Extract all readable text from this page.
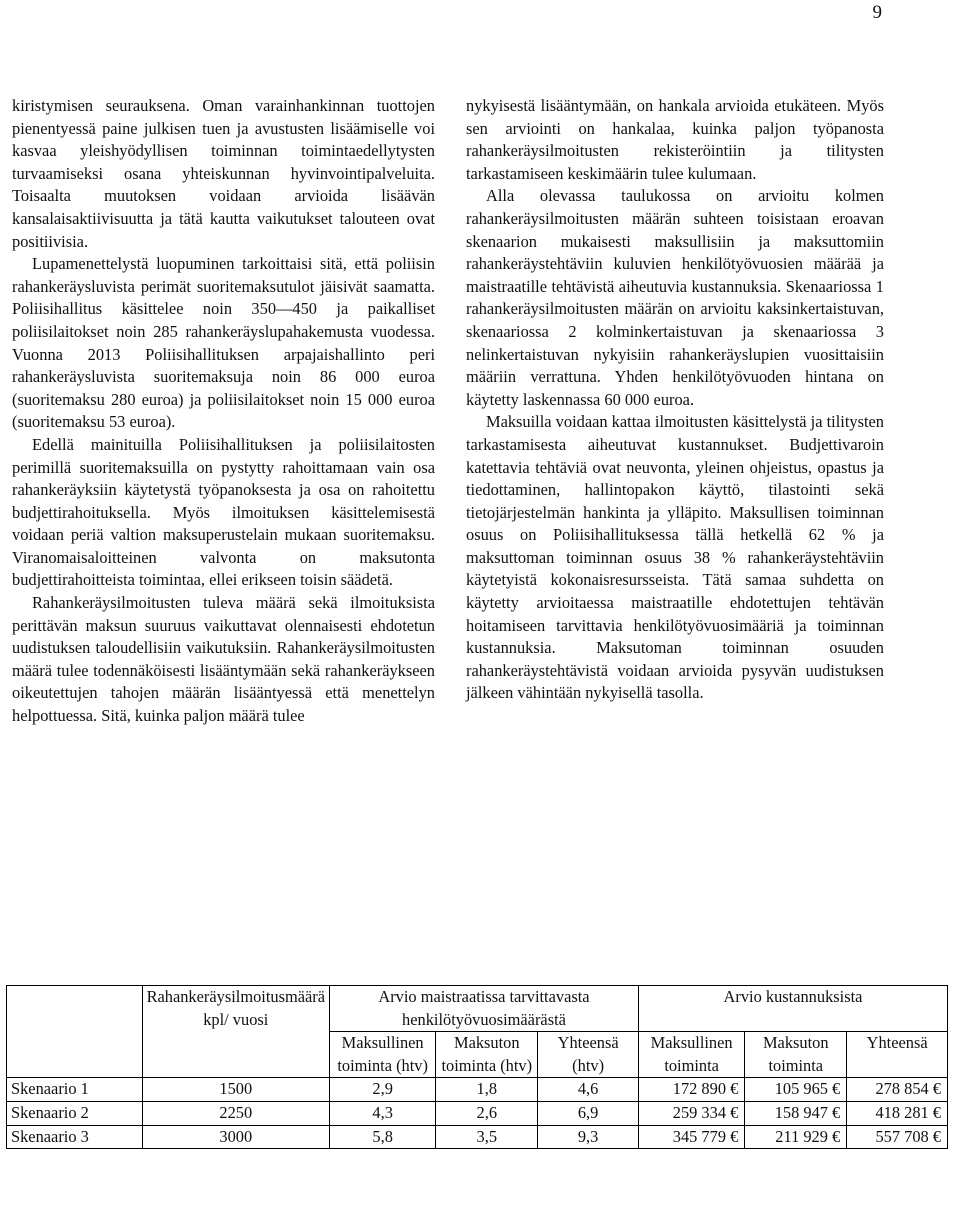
9

kiristymisen seurauksena. Oman varainhankinnan tuottojen pienentyessä paine julkisen tuen ja avustusten lisäämiselle voi kasvaa yleishyödyllisen toiminnan toimintaedellytysten turvaamiseksi osana yhteiskunnan hyvinvointipalveluita. Toisaalta muutoksen voidaan arvioida lisäävän kansalaisaktiivisuutta ja tätä kautta vaikutukset talouteen ovat positiivisia.

Lupamenettelystä luopuminen tarkoittaisi sitä, että poliisin rahankeräysluvista perimät suoritemaksutulot jäisivät saamatta. Poliisihallitus käsittelee noin 350—450 ja paikalliset poliisilaitokset noin 285 rahankeräyslupahakemusta vuodessa. Vuonna 2013 Poliisihallituksen arpajaishallinto peri rahankeräysluvista suoritemaksuja noin 86 000 euroa (suoritemaksu 280 euroa) ja poliisilaitokset noin 15 000 euroa (suoritemaksu 53 euroa).

Edellä mainituilla Poliisihallituksen ja poliisilaitosten perimillä suoritemaksuilla on pystytty rahoittamaan vain osa rahankeräyksiin käytetystä työpanoksesta ja osa on rahoitettu budjettirahoituksella. Myös ilmoituksen käsittelemisestä voidaan periä valtion maksuperustelain mukaan suoritemaksu. Viranomaisaloitteinen valvonta on maksutonta budjettirahoitteista toimintaa, ellei erikseen toisin säädetä.

Rahankeräysilmoitusten tuleva määrä sekä ilmoituksista perittävän maksun suuruus vaikuttavat olennaisesti ehdotetun uudistuksen taloudellisiin vaikutuksiin. Rahankeräysilmoitusten määrä tulee todennäköisesti lisääntymään sekä rahankeräykseen oikeutettujen tahojen määrän lisääntyessä että menettelyn helpottuessa. Sitä, kuinka paljon määrä tulee

nykyisestä lisääntymään, on hankala arvioida etukäteen. Myös sen arviointi on hankalaa, kuinka paljon työpanosta rahankeräysilmoitusten rekisteröintiin ja tilitysten tarkastamiseen keskimäärin tulee kulumaan.

Alla olevassa taulukossa on arvioitu kolmen rahankeräysilmoitusten määrän suhteen toisistaan eroavan skenaarion mukaisesti maksullisiin ja maksuttomiin rahankeräystehtäviin kuluvien henkilötyövuosien määrää ja maistraatille tehtävistä aiheutuvia kustannuksia. Skenaariossa 1 rahankeräysilmoitusten määrän on arvioitu kaksinkertaistuvan, skenaariossa 2 kolminkertaistuvan ja skenaariossa 3 nelinkertaistuvan nykyisiin rahankeräyslupien vuosittaisiin määriin verrattuna. Yhden henkilötyövuoden hintana on käytetty laskennassa 60 000 euroa.

Maksuilla voidaan kattaa ilmoitusten käsittelystä ja tilitysten tarkastamisesta aiheutuvat kustannukset. Budjettivaroin katettavia tehtäviä ovat neuvonta, yleinen ohjeistus, opastus ja tiedottaminen, hallintopakon käyttö, tilastointi sekä tietojärjestelmän hankinta ja ylläpito. Maksullisen toiminnan osuus on Poliisihallituksessa tällä hetkellä 62 % ja maksuttoman toiminnan osuus 38 % rahankeräystehtäviin käytetyistä kokonaisresursseista. Tätä samaa suhdetta on käytetty arvioitaessa maistraatille ehdotettujen tehtävän hoitamiseen tarvittavia henkilötyövuosimääriä ja toiminnan kustannuksia. Maksutoman toiminnan osuuden rahankeräystehtävistä voidaan arvioida pysyvän uudistuksen jälkeen vähintään nykyisellä tasolla.

	Rahankeräysilmoitusmäärä kpl/ vuosi	Arvio maistraatissa tarvittavasta henkilötyövuosimäärästä			Arvio kustannuksista		
		Maksullinen toiminta (htv)	Maksuton toiminta (htv)	Yhteensä (htv)	Maksullinen toiminta	Maksuton toiminta	Yhteensä
Skenaario 1	1500	2,9	1,8	4,6	172 890 €	105 965 €	278 854 €
Skenaario 2	2250	4,3	2,6	6,9	259 334 €	158 947 €	418 281 €
Skenaario 3	3000	5,8	3,5	9,3	345 779 €	211 929 €	557 708 €
